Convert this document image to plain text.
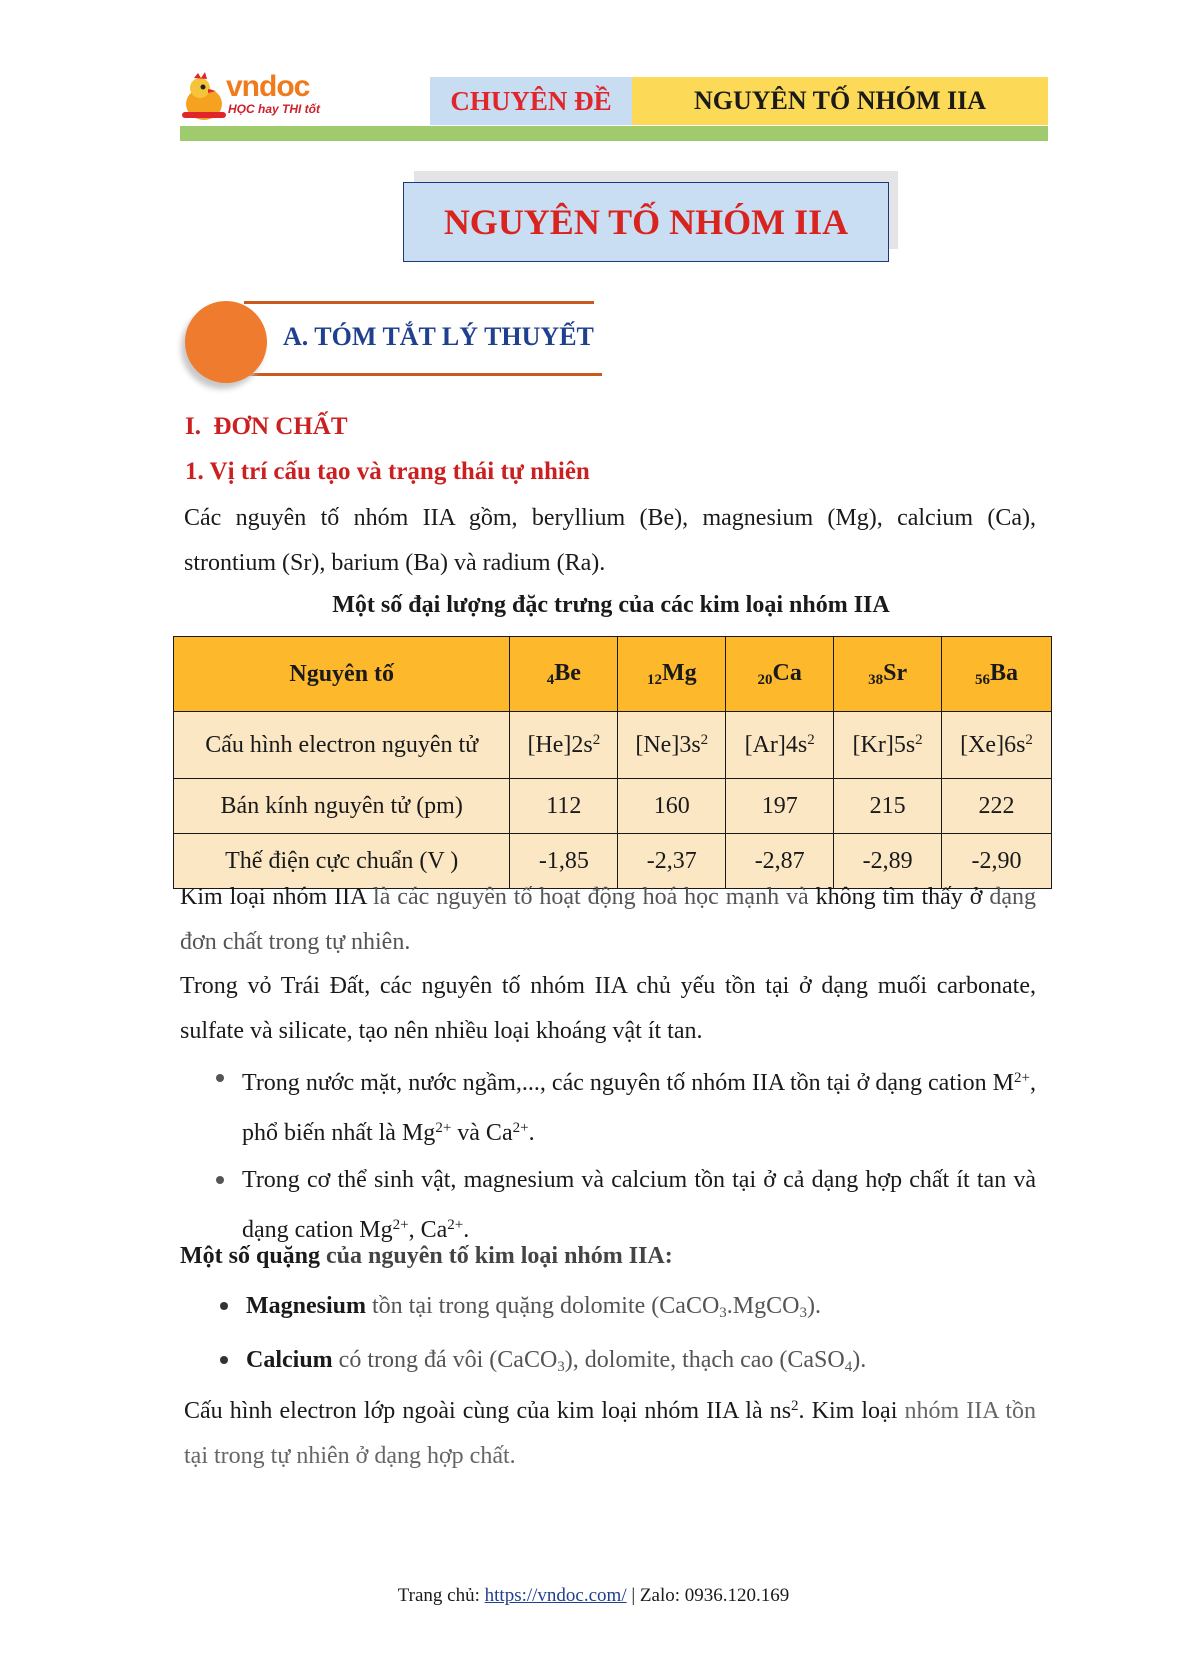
vndoc
HỌC hay THI tốt	CHUYÊN ĐỀ	NGUYÊN TỐ NHÓM IIA
NGUYÊN TỐ NHÓM IIA
A. TÓM TẮT LÝ THUYẾT
I.  ĐƠN CHẤT
1. Vị trí cấu tạo và trạng thái tự nhiên
Các nguyên tố nhóm IIA gồm, beryllium (Be), magnesium (Mg), calcium (Ca), strontium (Sr), barium (Ba) và radium (Ra).
Một số đại lượng đặc trưng của các kim loại nhóm IIA
Nguyên tố	$_4$Be	$_{12}$Mg	$_{20}$Ca	$_{38}$Sr	$_{56}$Ba
Cấu hình electron nguyên tử	$[He]2s^2$	$[Ne]3s^2$	$[Ar]4s^2$	$[Kr]5s^2$	$[Xe]6s^2$
Bán kính nguyên tử (pm)	112	160	197	215	222
Thế điện cực chuẩn (V )	-1,85	-2,37	-2,87	-2,89	-2,90
Kim loại nhóm IIA là các nguyên tố hoạt động hoá học mạnh và không tìm thấy ở dạng đơn chất trong tự nhiên.
Trong vỏ Trái Đất, các nguyên tố nhóm IIA chủ yếu tồn tại ở dạng muối carbonate, sulfate và silicate, tạo nên nhiều loại khoáng vật ít tan.
Trong nước mặt, nước ngầm,..., các nguyên tố nhóm IIA tồn tại ở dạng cation $M^{2+}$, phổ biến nhất là $Mg^{2+}$ và $Ca^{2+}$.
Trong cơ thể sinh vật, magnesium và calcium tồn tại ở cả dạng hợp chất ít tan và dạng cation $Mg^{2+}$, $Ca^{2+}$.
Một số quặng của nguyên tố kim loại nhóm IIA:
Magnesium tồn tại trong quặng dolomite (CaCO$_3$.MgCO$_3$).
Calcium có trong đá vôi (CaCO$_3$), dolomite, thạch cao (CaSO$_4$).
Cấu hình electron lớp ngoài cùng của kim loại nhóm IIA là $ns^2$. Kim loại nhóm IIA tồn tại trong tự nhiên ở dạng hợp chất.
Trang chủ: https://vndoc.com/ | Zalo: 0936.120.169
